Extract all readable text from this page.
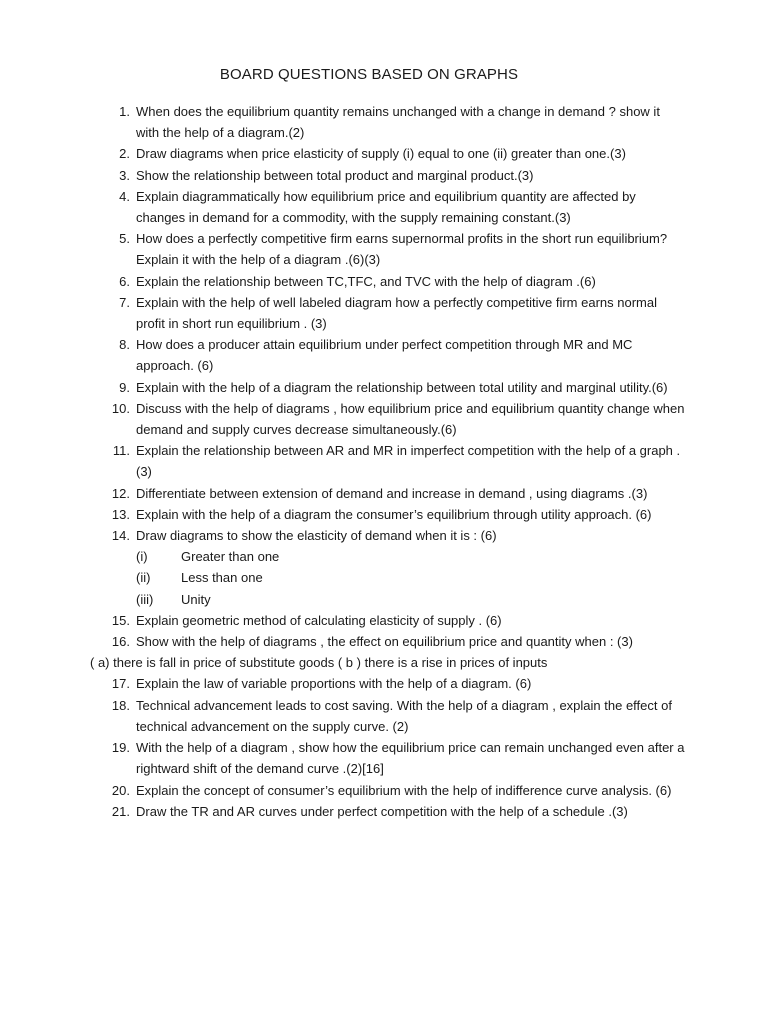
BOARD QUESTIONS BASED ON GRAPHS
1. When does the equilibrium quantity remains unchanged with a change in demand ? show it with the help of a diagram.(2)
2. Draw diagrams when price elasticity of supply (i) equal to one (ii) greater than one.(3)
3. Show the relationship between total product and marginal product.(3)
4. Explain diagrammatically how equilibrium price and equilibrium quantity are affected by changes in demand for a commodity, with the supply remaining constant.(3)
5. How does a perfectly competitive firm earns supernormal profits in the short run equilibrium? Explain it with the help of a diagram .(6)(3)
6. Explain the relationship between TC,TFC, and TVC with the help of diagram .(6)
7. Explain with the help of well labeled diagram how a perfectly competitive firm earns normal profit in short run equilibrium . (3)
8. How does a producer attain equilibrium under perfect competition through MR and MC approach. (6)
9. Explain with the help of a diagram the relationship between total utility and marginal utility.(6)
10. Discuss with the help of diagrams , how equilibrium price and equilibrium quantity change when demand and supply curves decrease simultaneously.(6)
11. Explain the relationship between AR and MR in imperfect competition with the help of a graph .(3)
12. Differentiate between extension of demand and increase in demand , using diagrams .(3)
13. Explain with the help of a diagram the consumer’s equilibrium through utility approach. (6)
14. Draw diagrams to show the elasticity of demand when it is : (6)
(i)	Greater than one
(ii) Less than one
(iii) Unity
15. Explain geometric method of calculating elasticity of supply . (6)
16. Show with the help of diagrams , the effect on equilibrium price and quantity when : (3)
( a) there is fall in price of substitute goods ( b ) there is a rise in prices of inputs
17. Explain the law of variable proportions with the help of a diagram. (6)
18. Technical advancement leads to cost saving. With the help of a diagram , explain the effect of technical advancement on the supply curve. (2)
19. With the help of a diagram , show how the equilibrium price can remain unchanged even after a rightward shift of the demand curve .(2)[16]
20. Explain the concept of consumer’s equilibrium with the help of indifference curve analysis. (6)
21. Draw the TR and AR curves under perfect competition with the help of a schedule .(3)
